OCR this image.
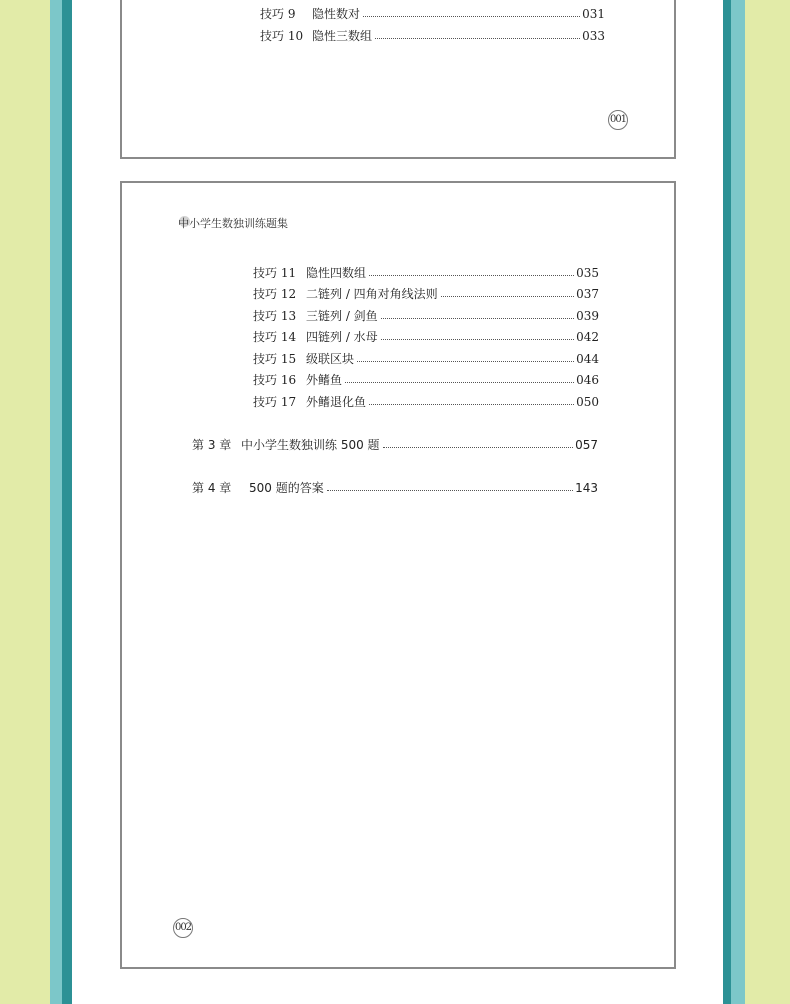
技巧 9	隐性数对	031
技巧 10 隐性三数组	033
001
中小学生数独训练题集
技巧 11 隐性四数组	035
技巧 12 二链列 / 四角对角线法则	037
技巧 13 三链列 / 剑鱼	039
技巧 14 四链列 / 水母	042
技巧 15 级联区块	044
技巧 16 外鳍鱼	046
技巧 17 外鳍退化鱼	050
第 3 章 中小学生数独训练 500 题	057
第 4 章	500 题的答案	143
002
